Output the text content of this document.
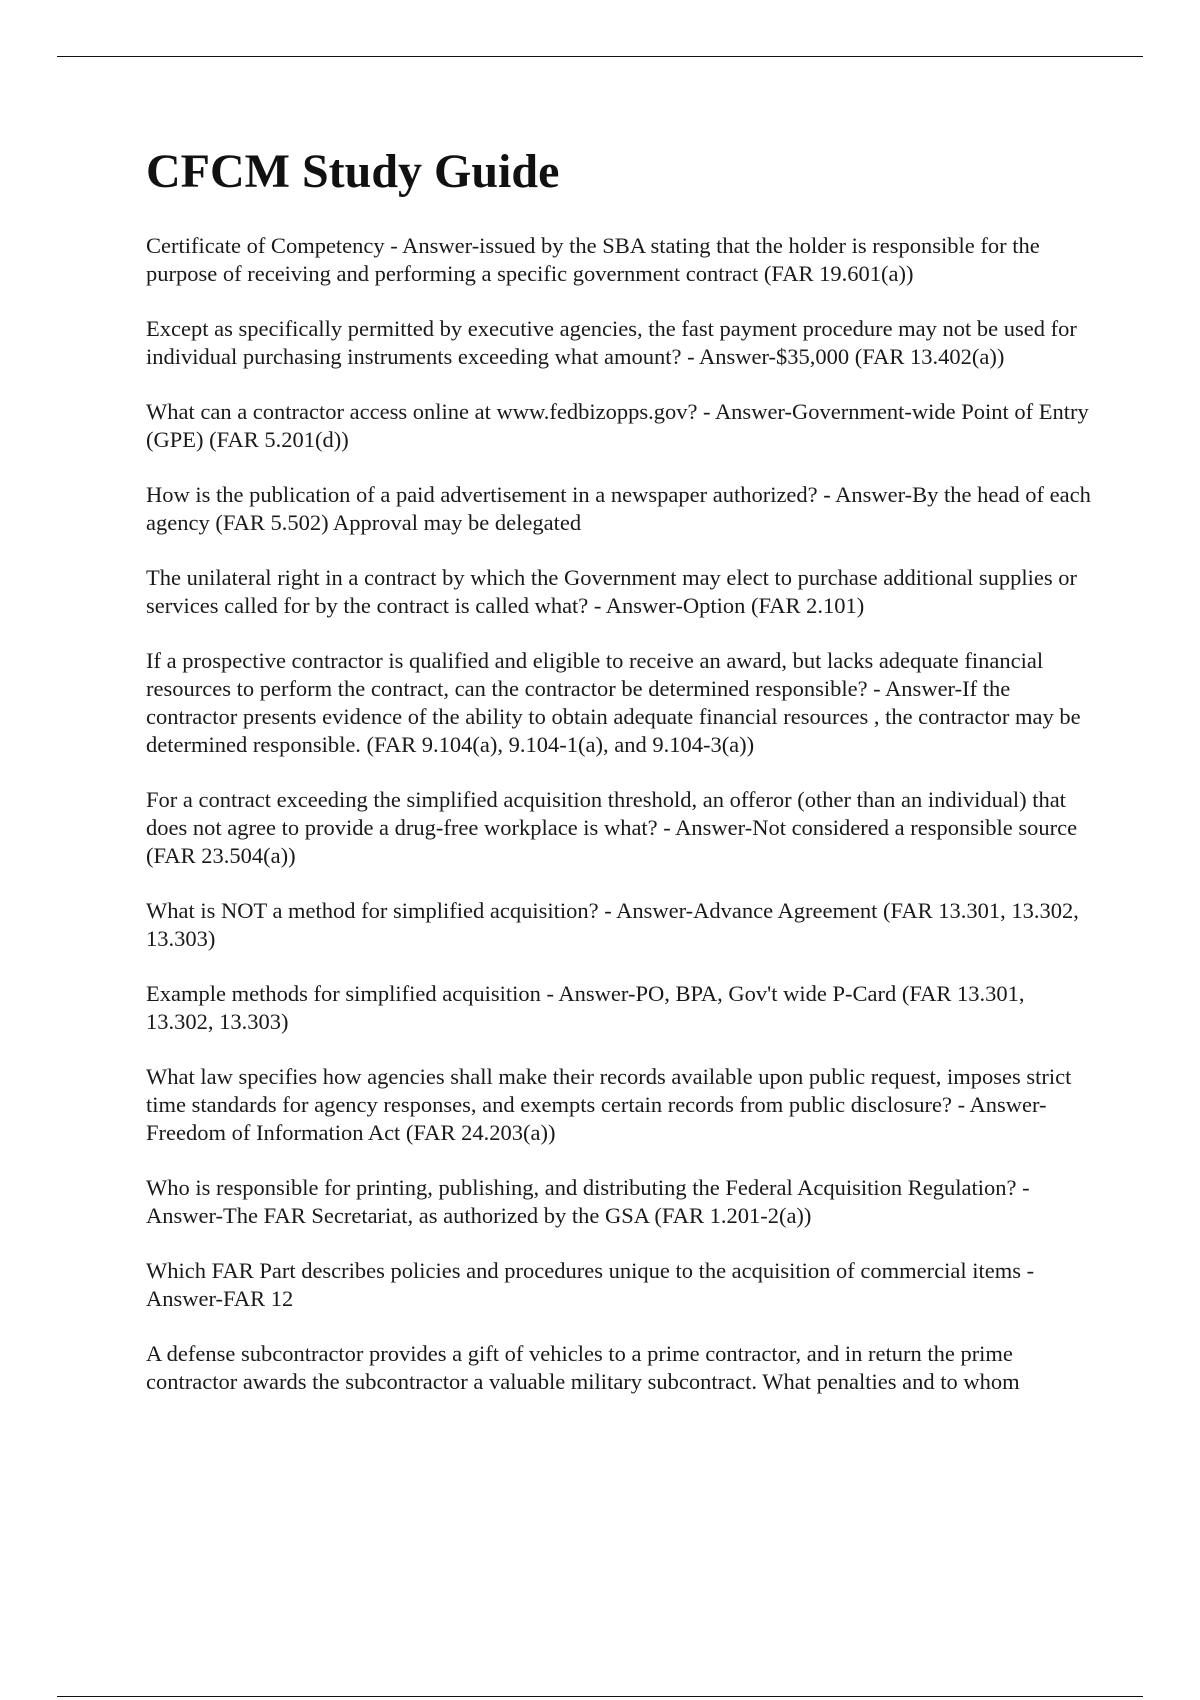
CFCM Study Guide

Certificate of Competency - Answer-issued by the SBA stating that the holder is responsible for the purpose of receiving and performing a specific government contract (FAR 19.601(a))

Except as specifically permitted by executive agencies, the fast payment procedure may not be used for individual purchasing instruments exceeding what amount? - Answer-$35,000 (FAR 13.402(a))

What can a contractor access online at www.fedbizopps.gov? - Answer-Government-wide Point of Entry (GPE) (FAR 5.201(d))

How is the publication of a paid advertisement in a newspaper authorized? - Answer-By the head of each agency (FAR 5.502) Approval may be delegated

The unilateral right in a contract by which the Government may elect to purchase additional supplies or services called for by the contract is called what? - Answer-Option (FAR 2.101)

If a prospective contractor is qualified and eligible to receive an award, but lacks adequate financial resources to perform the contract, can the contractor be determined responsible? - Answer-If the contractor presents evidence of the ability to obtain adequate financial resources , the contractor may be determined responsible. (FAR 9.104(a), 9.104-1(a), and 9.104-3(a))

For a contract exceeding the simplified acquisition threshold, an offeror (other than an individual) that does not agree to provide a drug-free workplace is what? - Answer-Not considered a responsible source (FAR 23.504(a))

What is NOT a method for simplified acquisition? - Answer-Advance Agreement (FAR 13.301, 13.302, 13.303)

Example methods for simplified acquisition - Answer-PO, BPA, Gov't wide P-Card (FAR 13.301, 13.302, 13.303)

What law specifies how agencies shall make their records available upon public request, imposes strict time standards for agency responses, and exempts certain records from public disclosure? - Answer-Freedom of Information Act (FAR 24.203(a))

Who is responsible for printing, publishing, and distributing the Federal Acquisition Regulation? - Answer-The FAR Secretariat, as authorized by the GSA (FAR 1.201-2(a))

Which FAR Part describes policies and procedures unique to the acquisition of commercial items - Answer-FAR 12

A defense subcontractor provides a gift of vehicles to a prime contractor, and in return the prime contractor awards the subcontractor a valuable military subcontract. What penalties and to whom
